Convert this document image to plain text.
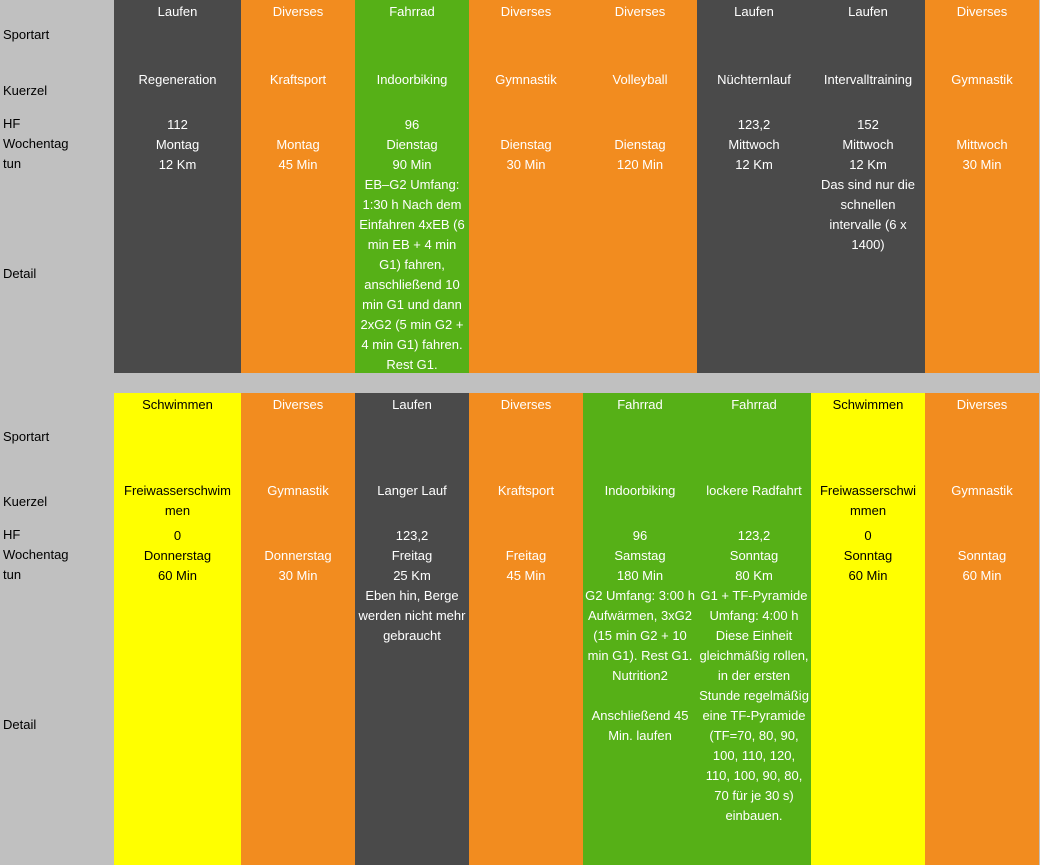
Sportart
Kuerzel
HF
Wochentag
tun
Detail
Laufen
Regeneration
112
Montag
12 Km
Diverses
Kraftsport
Montag
45 Min
Fahrrad
Indoorbiking
96
Dienstag
90 Min
EB–G2 Umfang: 1:30 h Nach dem Einfahren 4xEB (6 min EB + 4 min G1) fahren, anschließend 10 min G1 und dann 2xG2 (5 min G2 + 4 min G1) fahren. Rest G1.
Diverses
Gymnastik
Dienstag
30 Min
Diverses
Volleyball
Dienstag
120 Min
Laufen
Nüchternlauf
123,2
Mittwoch
12 Km
Laufen
Intervalltraining
152
Mittwoch
12 Km
Das sind nur die schnellen intervalle (6 x 1400)
Diverses
Gymnastik
Mittwoch
30 Min
Sportart
Kuerzel
HF
Wochentag
tun
Detail
Schwimmen
Freiwasserschwim
men
0
Donnerstag
60 Min
Diverses
Gymnastik
Donnerstag
30 Min
Laufen
Langer Lauf
123,2
Freitag
25 Km
Eben hin, Berge werden nicht mehr gebraucht
Diverses
Kraftsport
Freitag
45 Min
Fahrrad
Indoorbiking
96
Samstag
180 Min
G2 Umfang: 3:00 h Aufwärmen, 3xG2 (15 min G2 + 10 min G1). Rest G1. Nutrition2
Anschließend 45 Min. laufen
Fahrrad
lockere Radfahrt
123,2
Sonntag
80 Km
G1 + TF-Pyramide Umfang: 4:00 h Diese Einheit gleichmäßig rollen, in der ersten Stunde regelmäßig eine TF-Pyramide (TF=70, 80, 90, 100, 110, 120, 110, 100, 90, 80, 70 für je 30 s) einbauen.
Schwimmen
Freiwasserschwi
mmen
0
Sonntag
60 Min
Diverses
Gymnastik
Sonntag
60 Min
